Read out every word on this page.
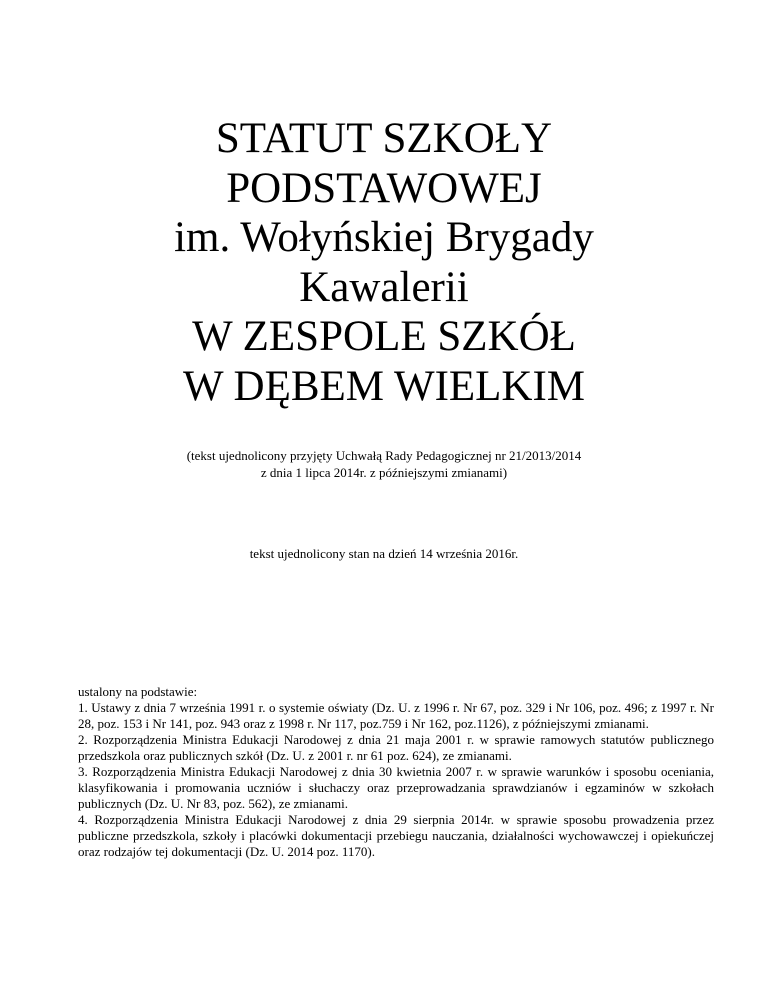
STATUT SZKOŁY
PODSTAWOWEJ
im. Wołyńskiej Brygady
Kawalerii
W ZESPOLE SZKÓŁ
W DĘBEM WIELKIM
(tekst ujednolicony przyjęty Uchwałą Rady Pedagogicznej nr 21/2013/2014
z dnia 1 lipca 2014r. z późniejszymi zmianami)
tekst ujednolicony stan na dzień 14 września 2016r.

ustalony na podstawie:

1. Ustawy z dnia 7 września 1991 r. o systemie oświaty (Dz. U. z 1996 r. Nr 67, poz. 329 i Nr 106, poz. 496; z 1997 r. Nr 28, poz. 153 i Nr 141, poz. 943 oraz z 1998 r. Nr 117, poz.759 i Nr 162, poz.1126), z późniejszymi zmianami.

2. Rozporządzenia Ministra Edukacji Narodowej z dnia 21 maja 2001 r. w sprawie ramowych statutów publicznego przedszkola oraz publicznych szkół (Dz. U. z 2001 r. nr 61 poz. 624), ze zmianami.

3. Rozporządzenia Ministra Edukacji Narodowej z dnia 30 kwietnia 2007 r. w sprawie warunków i sposobu oceniania, klasyfikowania i promowania uczniów i słuchaczy oraz przeprowadzania sprawdzianów i egzaminów w szkołach publicznych (Dz. U. Nr 83, poz. 562), ze zmianami.

4. Rozporządzenia Ministra Edukacji Narodowej z dnia 29 sierpnia 2014r. w sprawie sposobu prowadzenia przez publiczne przedszkola, szkoły i placówki dokumentacji przebiegu nauczania, działalności wychowawczej i opiekuńczej oraz rodzajów tej dokumentacji (Dz. U. 2014 poz. 1170).
